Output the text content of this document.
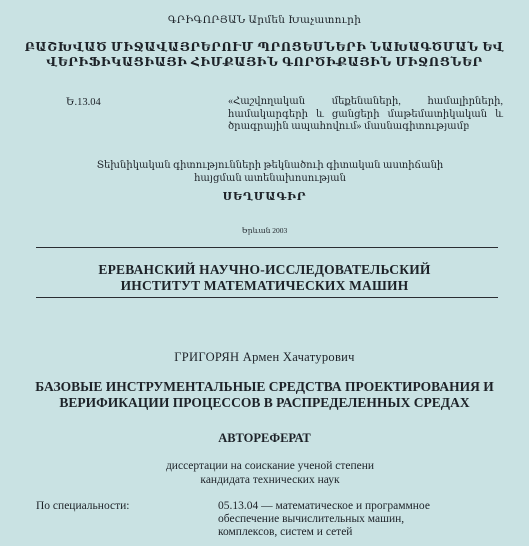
ԳՐԻԳՈՐՅԱՆ Արմեն Խաչատուրի
ԲԱՇԽՎԱԾ ՄԻՋԱՎԱՅՐԵՐՈՒՄ ՊՐՈՑԵՍՆԵՐԻ ՆԱԽԱԳԾՄԱՆ ԵՎ
ՎԵՐԻՖԻԿԱՑԻԱՅԻ ՀԻՄՔԱՅԻՆ ԳՈՐԾԻՔԱՅԻՆ ՄԻՋՈՑՆԵՐ
Ե.13.04	«Հաշվողական մեքենաների, համալիրների, համակարգերի և ցանցերի մաթեմատիկական և ծրագրային ապահովում» մասնագիտությամբ
Տեխնիկական գիտությունների թեկնածուի գիտական աստիճանի
հայցման ատենախոսության
ՍԵՂՄԱԳԻՐ
Երևան 2003
ЕРЕВАНСКИЙ НАУЧНО-ИССЛЕДОВАТЕЛЬСКИЙ
ИНСТИТУТ МАТЕМАТИЧЕСКИХ МАШИН
ГРИГОРЯН Армен Хачатурович
БАЗОВЫЕ ИНСТРУМЕНТАЛЬНЫЕ СРЕДСТВА ПРОЕКТИРОВАНИЯ И
ВЕРИФИКАЦИИ ПРОЦЕССОВ В РАСПРЕДЕЛЕННЫХ СРЕДАХ
АВТОРЕФЕРАТ
диссертации на соискание ученой степени
кандидата технических наук
По специальности:	05.13.04 — математическое и программное
обеспечение вычислительных машин,
комплексов, систем и сетей
